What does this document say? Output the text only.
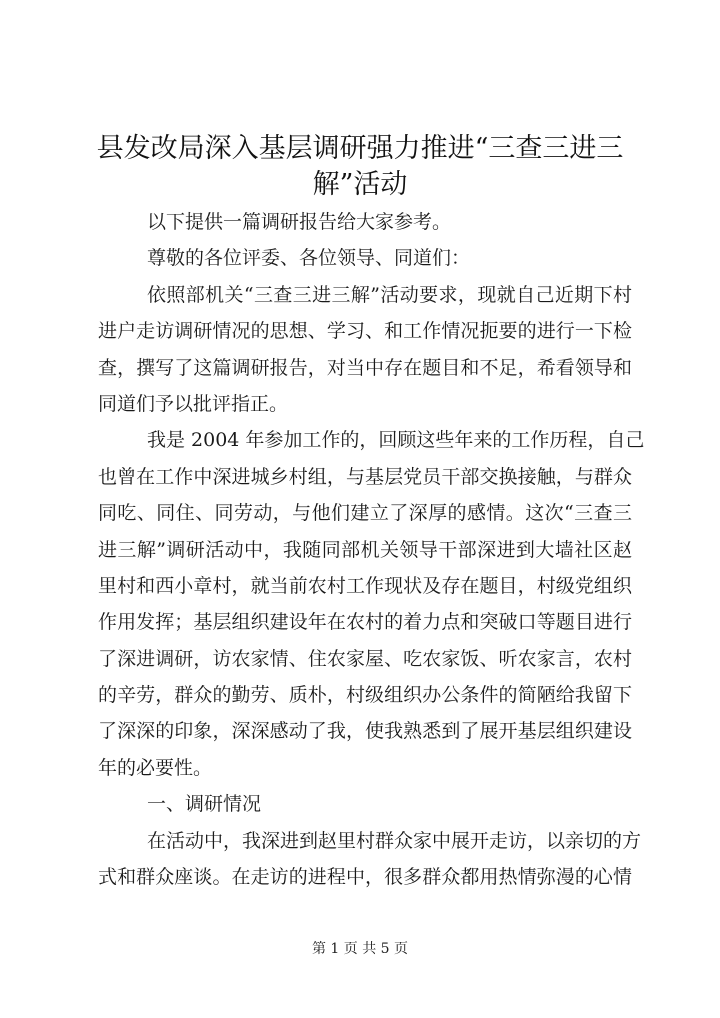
县发改局深入基层调研强力推进“三查三进三
解”活动
以下提供一篇调研报告给大家参考。
尊敬的各位评委、各位领导、同道们：
依照部机关“三查三进三解”活动要求，现就自己近期下村
进户走访调研情况的思想、学习、和工作情况扼要的进行一下检
查，撰写了这篇调研报告，对当中存在题目和不足，希看领导和
同道们予以批评指正。
我是 2004 年参加工作的，回顾这些年来的工作历程，自己
也曾在工作中深进城乡村组，与基层党员干部交换接触，与群众
同吃、同住、同劳动，与他们建立了深厚的感情。这次“三查三
进三解”调研活动中，我随同部机关领导干部深进到大墙社区赵
里村和西小章村，就当前农村工作现状及存在题目，村级党组织
作用发挥；基层组织建设年在农村的着力点和突破口等题目进行
了深进调研，访农家情、住农家屋、吃农家饭、听农家言，农村
的辛劳，群众的勤劳、质朴，村级组织办公条件的简陋给我留下
了深深的印象，深深感动了我，使我熟悉到了展开基层组织建设
年的必要性。
一、调研情况
在活动中，我深进到赵里村群众家中展开走访，以亲切的方
式和群众座谈。在走访的进程中，很多群众都用热情弥漫的心情
第 1 页 共 5 页
